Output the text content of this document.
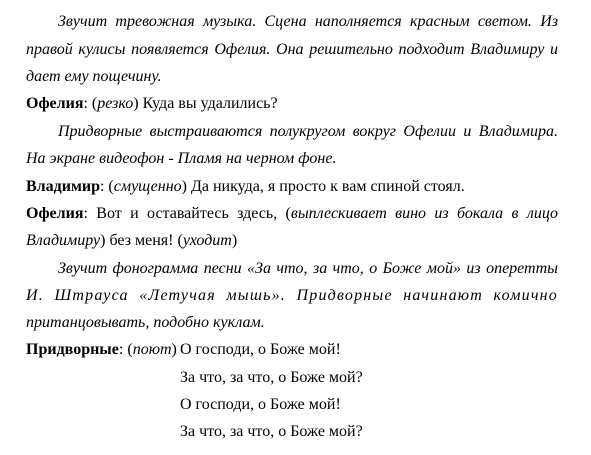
Звучит тревожная музыка. Сцена наполняется красным светом. Из
правой кулисы появляется Офелия. Она решительно подходит Владимиру и
дает ему пощечину.
Офелия: (резко) Куда вы удалились?
Придворные выстраиваются полукругом вокруг Офелии и Владимира.
На экране видеофон - Пламя на черном фоне.
Владимир: (смущенно) Да никуда, я просто к вам спиной стоял.
Офелия: Вот и оставайтесь здесь, (выплескивает вино из бокала в лицо
Владимиру) без меня! (уходит)
Звучит фонограмма песни «За что, за что, о Боже мой» из оперетты
И. Штрауса «Летучая мышь». Придворные начинают комично
пританцовывать, подобно куклам.
Придворные: (поют) О господи, о Боже мой!
За что, за что, о Боже мой?
О господи, о Боже мой!
За что, за что, о Боже мой?
